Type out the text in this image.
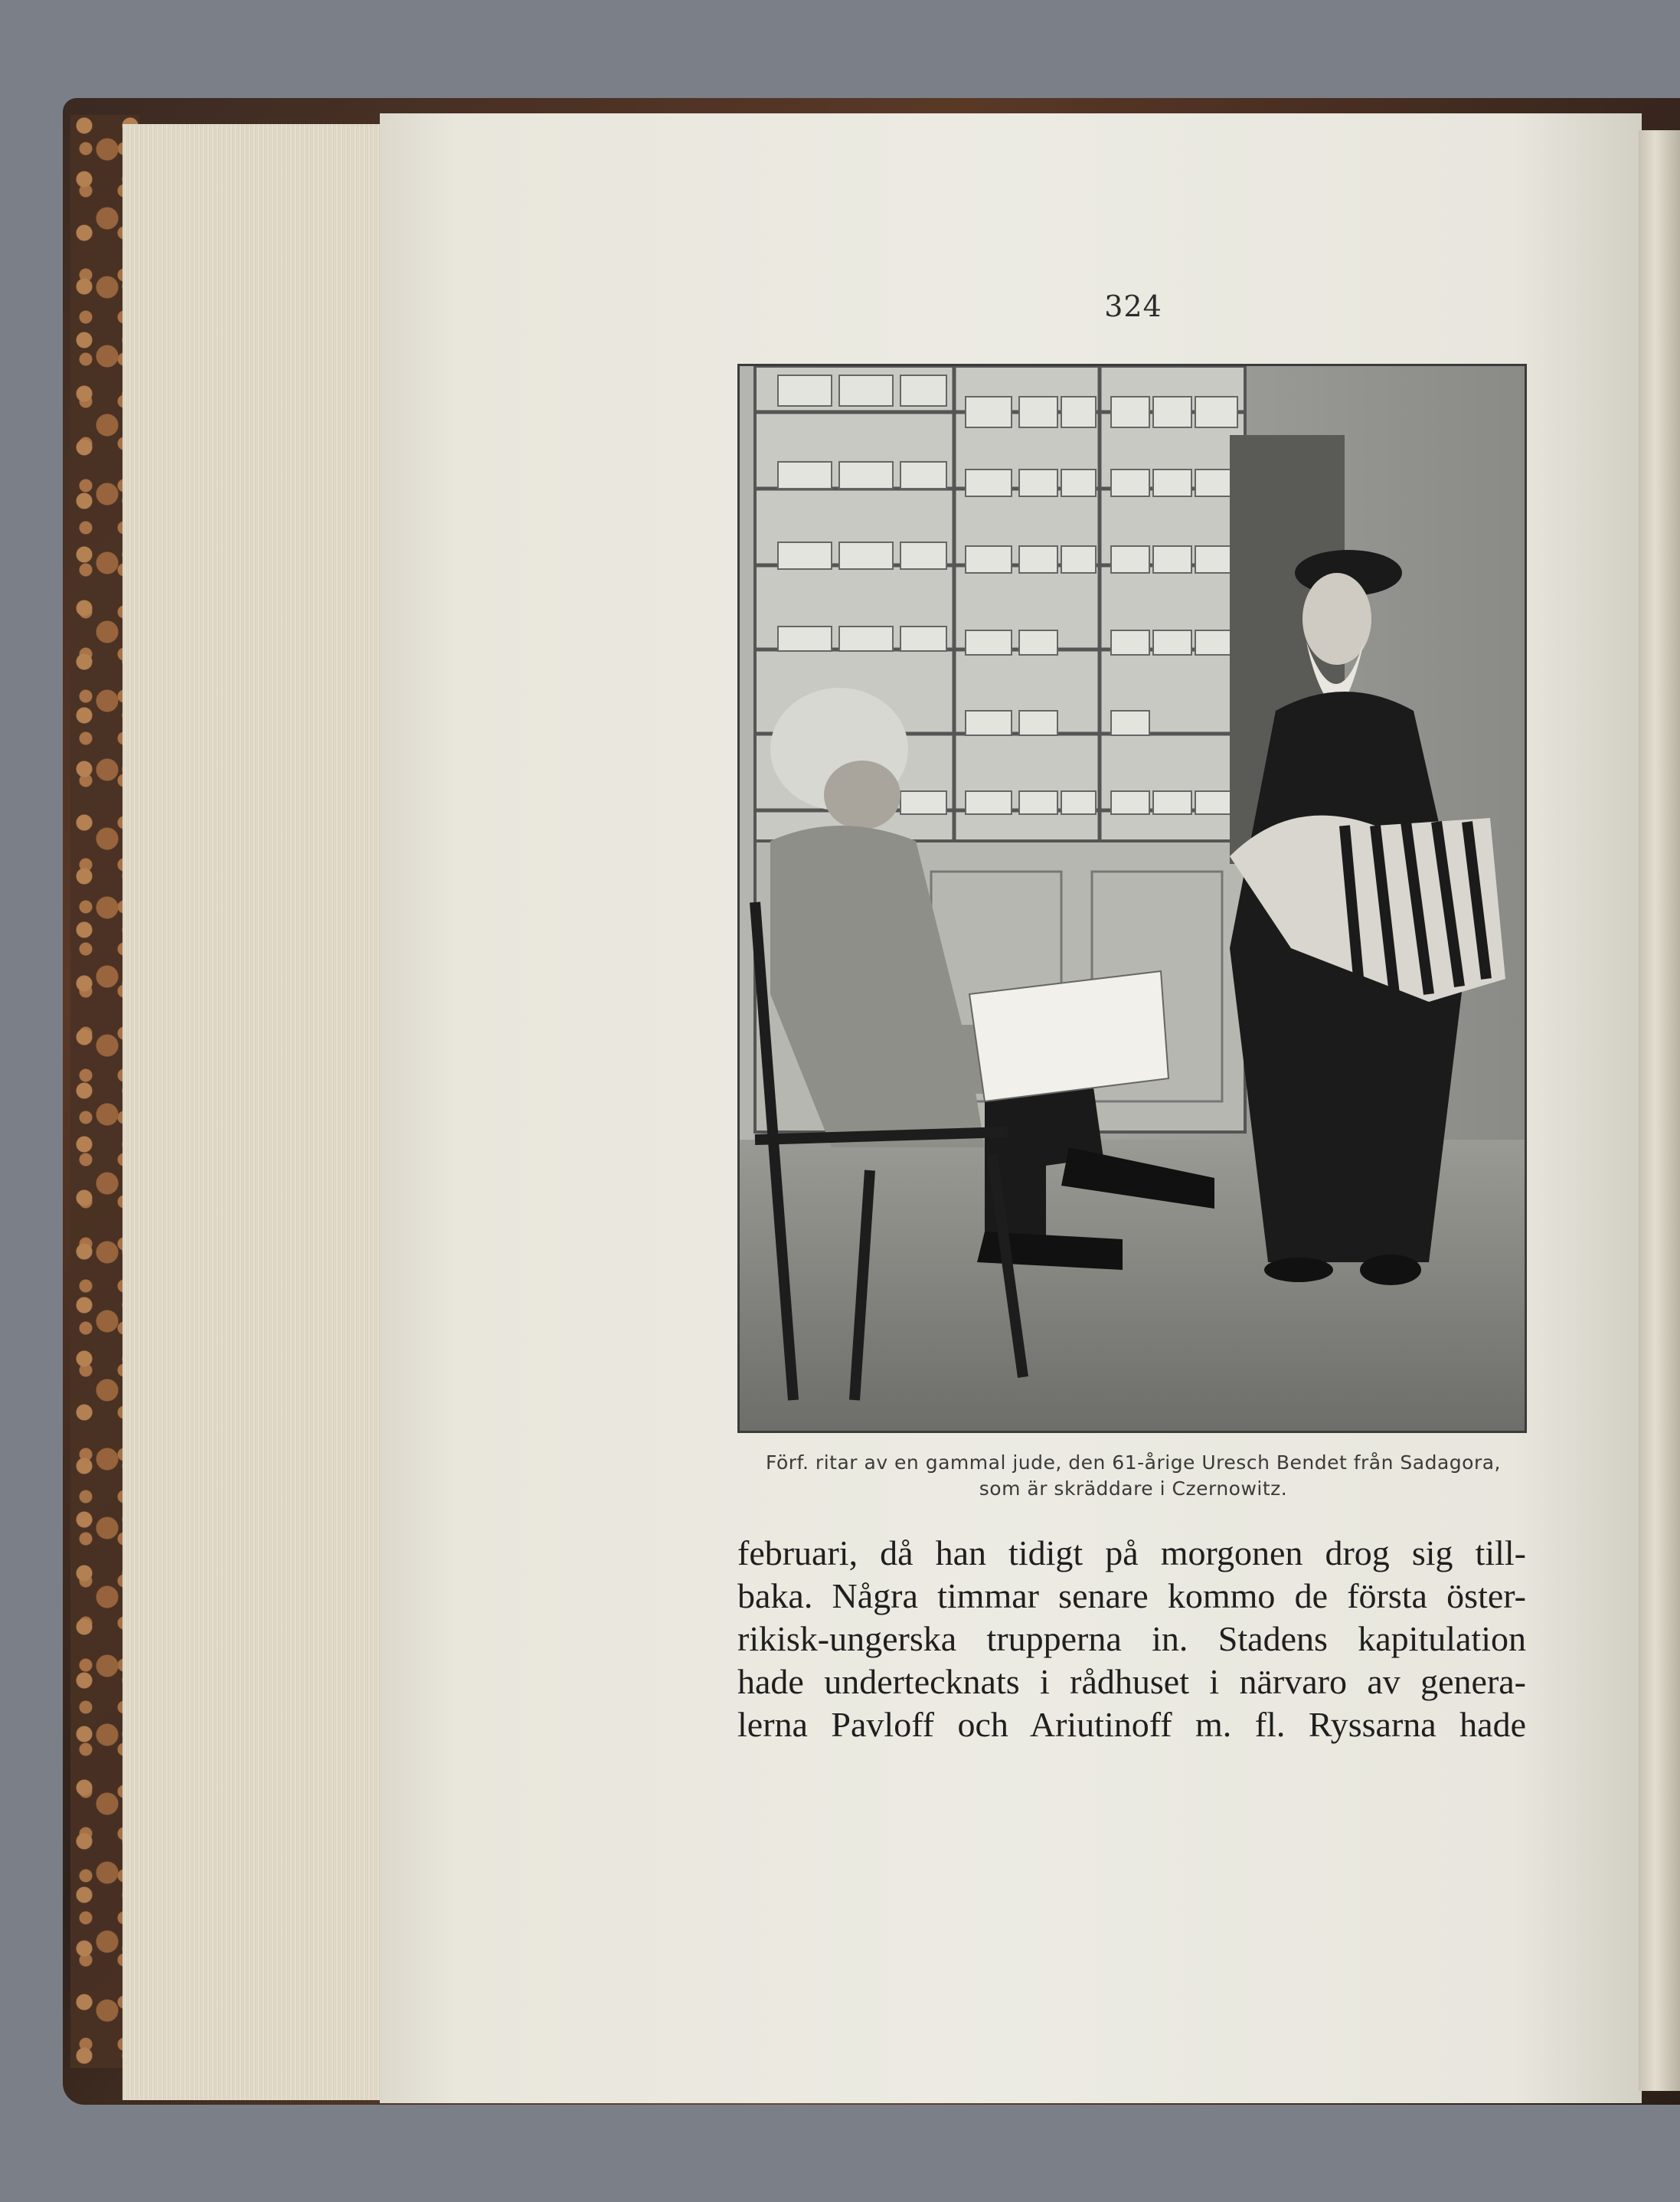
324
Förf. ritar av en gammal jude, den 61-årige Uresch Bendet från Sadagora,
som är skräddare i Czernowitz.
februari, då han tidigt på morgonen drog sig till-
baka. Några timmar senare kommo de första öster-
rikisk-ungerska trupperna in. Stadens kapitulation
hade undertecknats i rådhuset i närvaro av genera-
lerna Pavloff och Ariutinoff m. fl. Ryssarna hade
